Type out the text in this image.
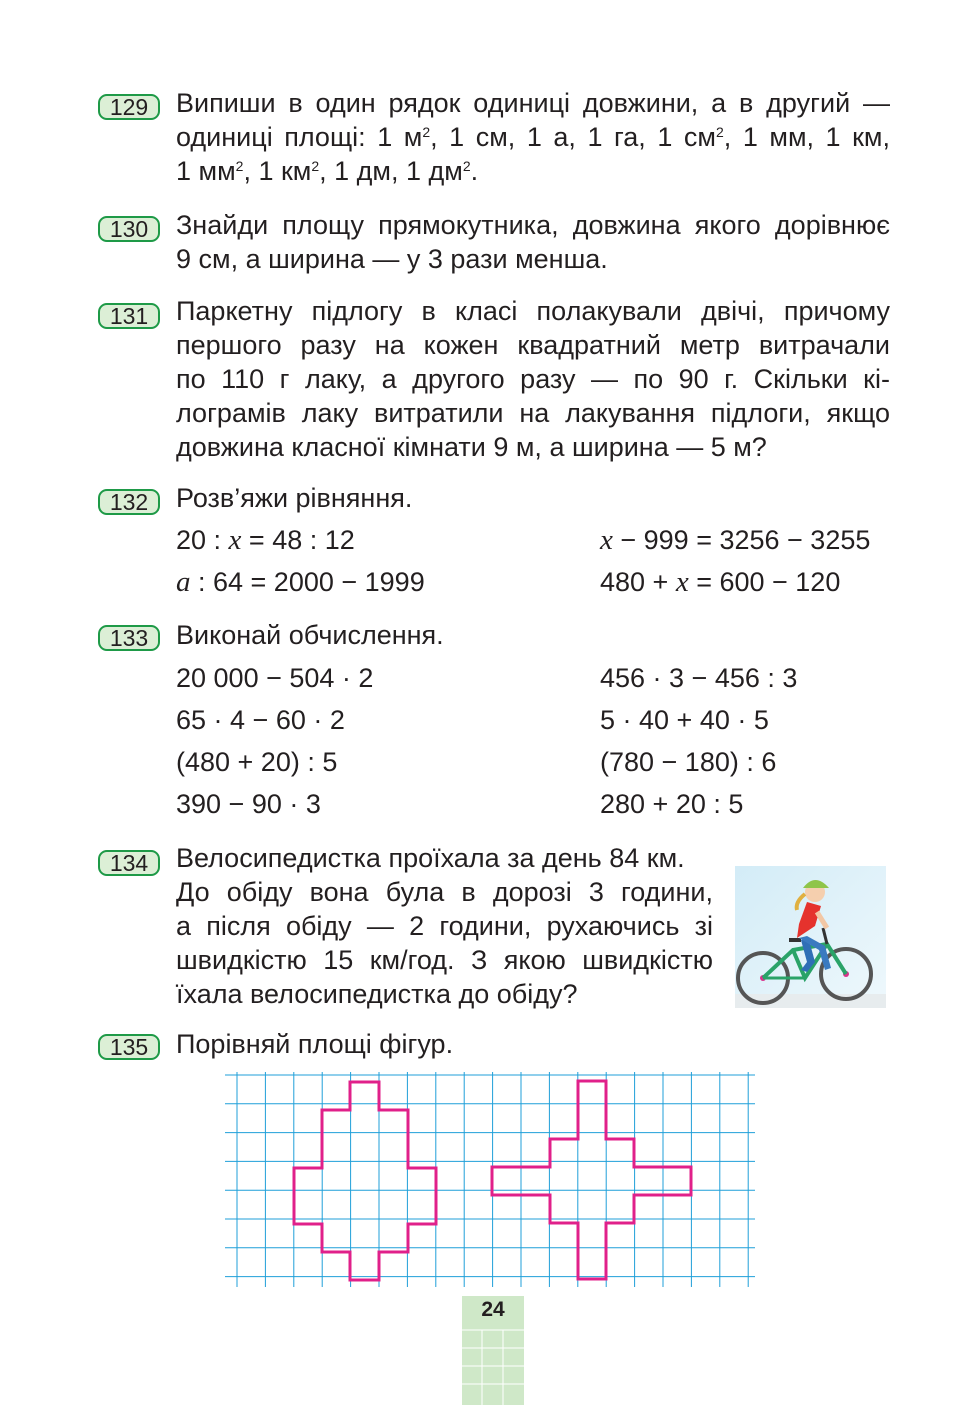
129	Випиши в один рядок одиниці довжини, а в другий —
одиниці площі: 1 $м^2$, 1 см, 1 а, 1 га, 1 $см^2$, 1 мм, 1 км,
1 $мм^2$, 1 $км^2$, 1 дм, 1 $дм^2$.
130	Знайди площу прямокутника, довжина якого дорівнює
9 см, а ширина — у 3 рази менша.
131	Паркетну підлогу в класі полакували двічі, причому
першого разу на кожен квадратний метр витрачали
по 110 г лаку, а другого разу — по 90 г. Скільки кі-
лограмів лаку витратили на лакування підлоги, якщо
довжина класної кімнати 9 м, а ширина — 5 м?
132	Розв’яжи рівняння.
20 : x = 48 : 12	x − 999 = 3256 − 3255
a : 64 = 2000 − 1999	480 + x = 600 − 120
133	Виконай обчислення.
20 000 − 504 · 2	456 · 3 − 456 : 3
65 · 4 − 60 · 2	5 · 40 + 40 · 5
(480 + 20) : 5	(780 − 180) : 6
390 − 90 · 3	280 + 20 : 5
134	Велосипедистка проїхала за день 84 км.
До обіду вона була в дорозі 3 години,
а після обіду — 2 години, рухаючись зі
швидкістю 15 км/год. З якою швидкістю
їхала велосипедистка до обіду?
135	Порівняй площі фігур.
24
